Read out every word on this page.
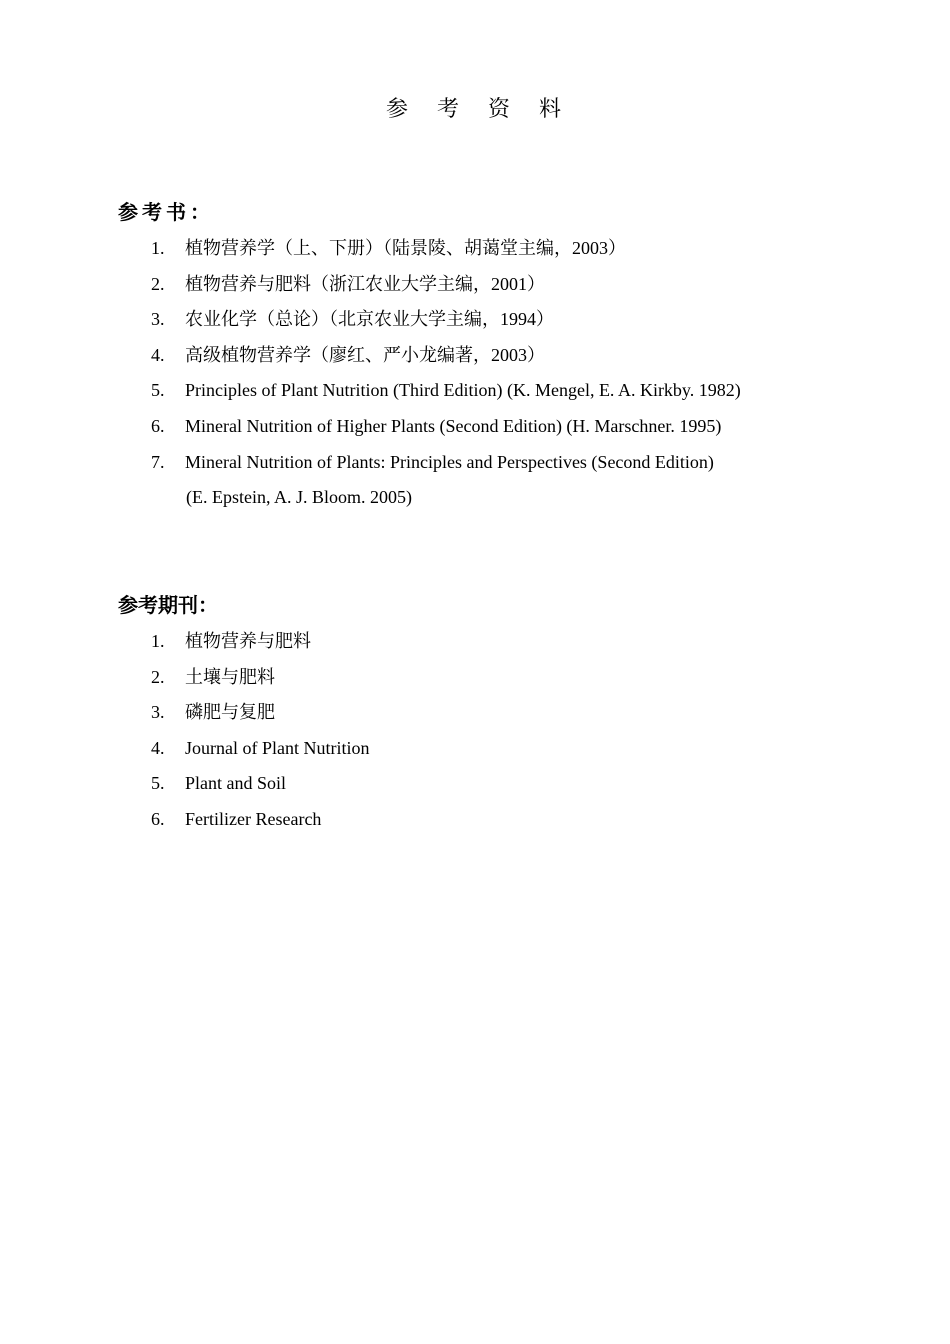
参 考 资 料
参考书：
1.	植物营养学（上、下册）（陆景陵、胡蔼堂主编，2003）
2.	植物营养与肥料（浙江农业大学主编，2001）
3.	农业化学（总论）（北京农业大学主编，1994）
4.	高级植物营养学（廖红、严小龙编著，2003）
5.	Principles of Plant Nutrition (Third Edition) (K. Mengel, E. A. Kirkby. 1982)
6.	Mineral Nutrition of Higher Plants (Second Edition) (H. Marschner. 1995)
7.	Mineral Nutrition of Plants: Principles and Perspectives (Second Edition)
(E. Epstein, A. J. Bloom. 2005)
参考期刊：
1.	植物营养与肥料
2.	土壤与肥料
3.	磷肥与复肥
4.	Journal of Plant Nutrition
5.	Plant and Soil
6.	Fertilizer Research
